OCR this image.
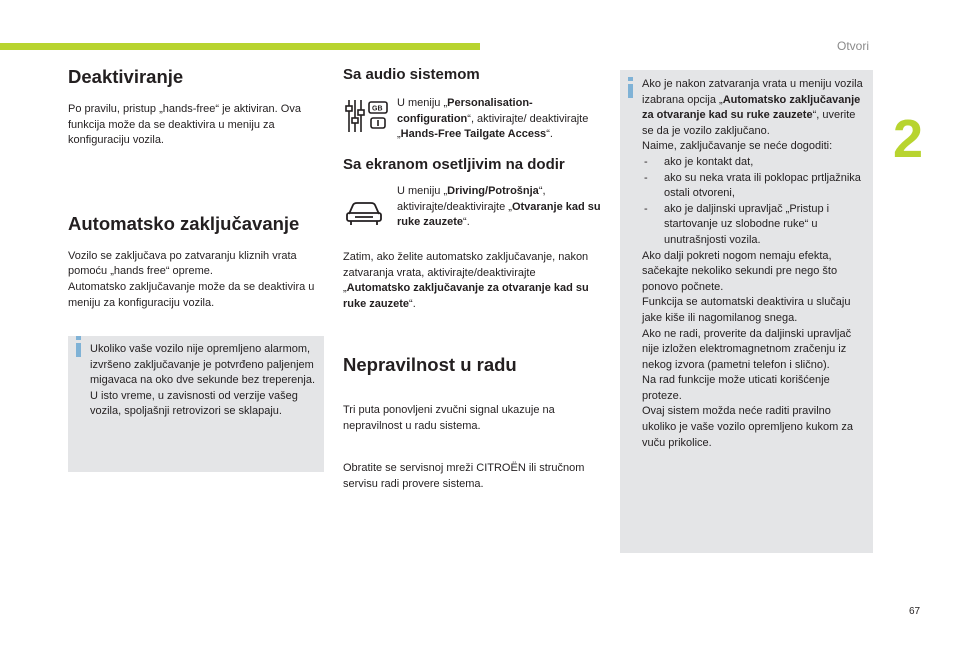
Otvori
2
67
Deaktiviranje

Po pravilu, pristup „hands-free“ je aktiviran. Ova funkcija može da se deaktivira u meniju za konfiguraciju vozila.

Automatsko zaključavanje

Vozilo se zaključava po zatvaranju kliznih vrata pomoću „hands free“ opreme.

Automatsko zaključavanje može da se deaktivira u meniju za konfiguraciju vozila.

Ukoliko vaše vozilo nije opremljeno alarmom, izvršeno zaključavanje je potvrđeno paljenjem migavaca na oko dve sekunde bez treperenja.

U isto vreme, u zavisnosti od verzije vašeg vozila, spoljašnji retrovizori se sklapaju.

Sa audio sistemom
GB U meniju „Personalisation-configuration“, aktivirajte/ deaktivirajte „Hands-Free Tailgate Access“.

Sa ekranom osetljivim na dodir

U meniju „Driving/Potrošnja“, aktivirajte/deaktivirajte „Otvaranje kad su ruke zauzete“.

Zatim, ako želite automatsko zaključavanje, nakon zatvaranja vrata, aktivirajte/deaktivirajte „Automatsko zaključavanje za otvaranje kad su ruke zauzete“.

Nepravilnost u radu

Tri puta ponovljeni zvučni signal ukazuje na nepravilnost u radu sistema.

Obratite se servisnoj mreži CITROËN ili stručnom servisu radi provere sistema.

Ako je nakon zatvaranja vrata u meniju vozila izabrana opcija „Automatsko zaključavanje za otvaranje kad su ruke zauzete“, uverite se da je vozilo zaključano.

Naime, zaključavanje se neće dogoditi:

- ako je kontakt dat,
- ako su neka vrata ili poklopac prtljažnika ostali otvoreni,
- ako je daljinski upravljač „Pristup i startovanje uz slobodne ruke“ u unutrašnjosti vozila.

Ako dalji pokreti nogom nemaju efekta, sačekajte nekoliko sekundi pre nego što ponovo počnete.

Funkcija se automatski deaktivira u slučaju jake kiše ili nagomilanog snega.

Ako ne radi, proverite da daljinski upravljač nije izložen elektromagnetnom zračenju iz nekog izvora (pametni telefon i slično).

Na rad funkcije može uticati korišćenje proteze.

Ovaj sistem možda neće raditi pravilno ukoliko je vaše vozilo opremljeno kukom za vuču prikolice.
